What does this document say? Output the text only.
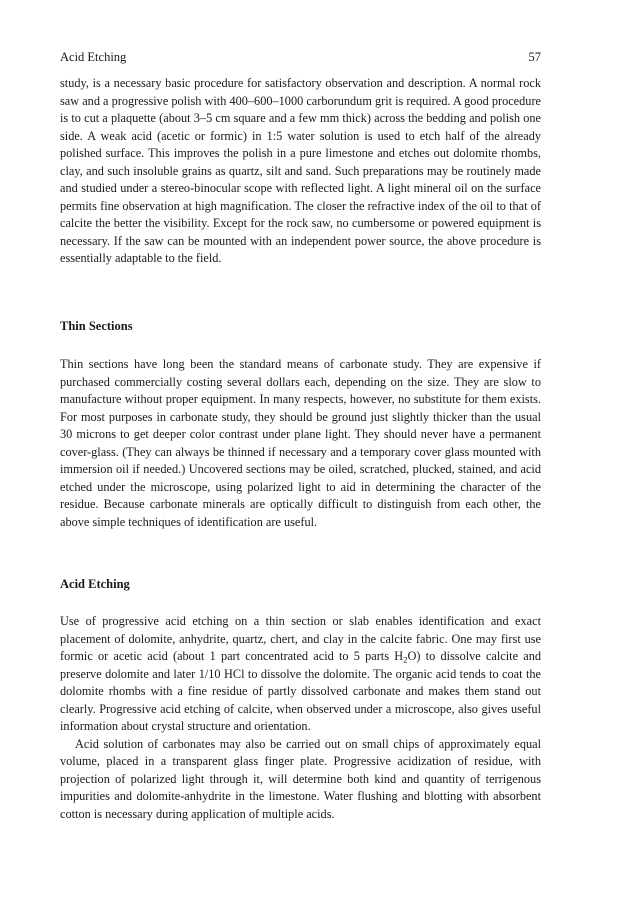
Acid Etching	57

study, is a necessary basic procedure for satisfactory observation and description. A normal rock saw and a progressive polish with 400–600–1000 carborundum grit is required. A good procedure is to cut a plaquette (about 3–5 cm square and a few mm thick) across the bedding and polish one side. A weak acid (acetic or formic) in 1:5 water solution is used to etch half of the already polished surface. This improves the polish in a pure limestone and etches out dolomite rhombs, clay, and such insoluble grains as quartz, silt and sand. Such preparations may be routinely made and studied under a stereo-binocular scope with reflected light. A light mineral oil on the surface permits fine observation at high magnification. The closer the refractive index of the oil to that of calcite the better the visibility. Except for the rock saw, no cumbersome or powered equipment is necessary. If the saw can be mounted with an independent power source, the above procedure is essentially adaptable to the field.

Thin Sections

Thin sections have long been the standard means of carbonate study. They are expensive if purchased commercially costing several dollars each, depending on the size. They are slow to manufacture without proper equipment. In many respects, however, no substitute for them exists. For most purposes in carbonate study, they should be ground just slightly thicker than the usual 30 microns to get deeper color contrast under plane light. They should never have a permanent cover-glass. (They can always be thinned if necessary and a temporary cover glass mounted with immersion oil if needed.) Uncovered sections may be oiled, scratched, plucked, stained, and acid etched under the microscope, using polarized light to aid in determining the character of the residue. Because carbonate minerals are optically difficult to distinguish from each other, the above simple techniques of identification are useful.

Acid Etching

Use of progressive acid etching on a thin section or slab enables identification and exact placement of dolomite, anhydrite, quartz, chert, and clay in the calcite fabric. One may first use formic or acetic acid (about 1 part concentrated acid to 5 parts $H_2O$) to dissolve calcite and preserve dolomite and later 1/10 HCl to dissolve the dolomite. The organic acid tends to coat the dolomite rhombs with a fine residue of partly dissolved carbonate and makes them stand out clearly. Progressive acid etching of calcite, when observed under a microscope, also gives useful information about crystal structure and orientation.

Acid solution of carbonates may also be carried out on small chips of approximately equal volume, placed in a transparent glass finger plate. Progressive acidization of residue, with projection of polarized light through it, will determine both kind and quantity of terrigenous impurities and dolomite-anhydrite in the limestone. Water flushing and blotting with absorbent cotton is necessary during application of multiple acids.
